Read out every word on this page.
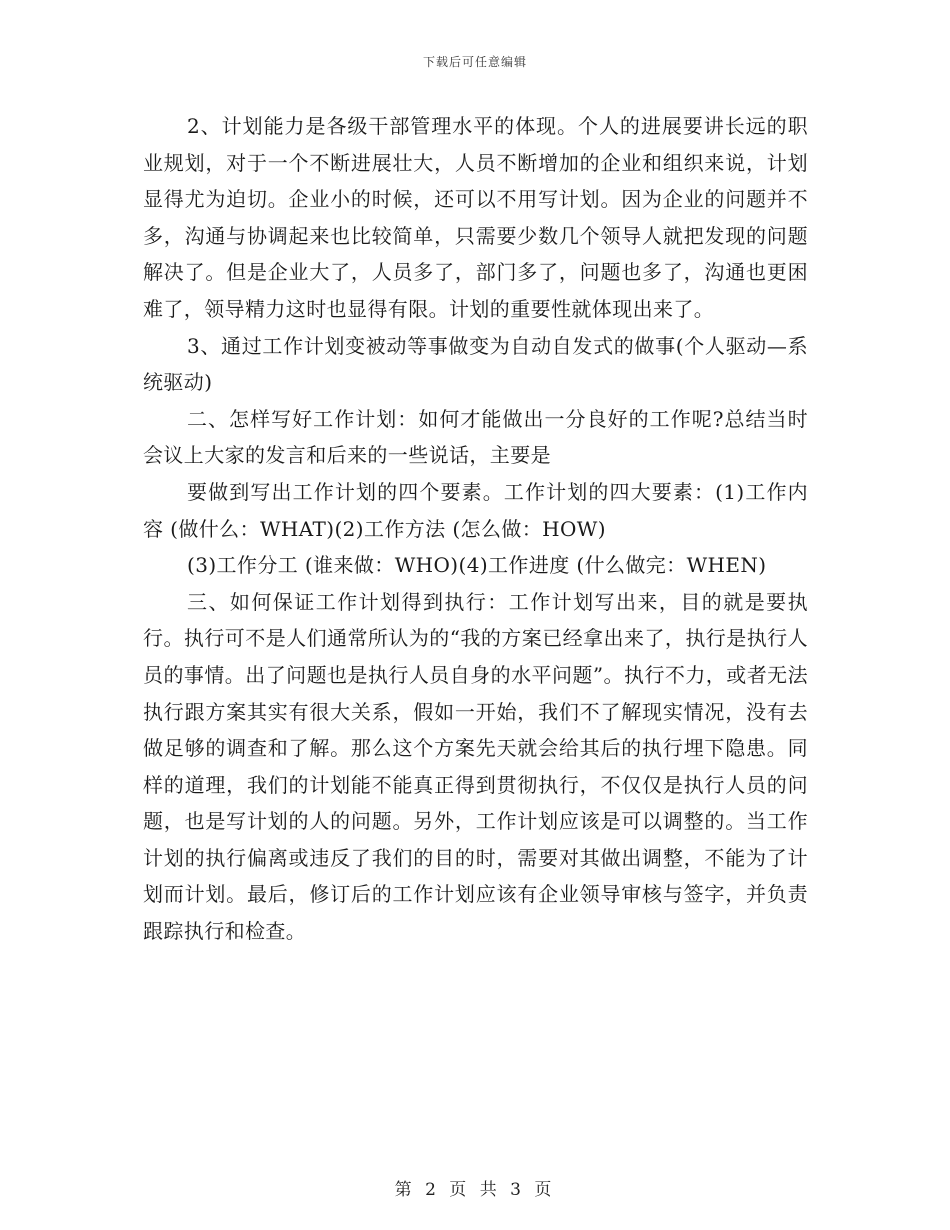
下载后可任意编辑

2、计划能力是各级干部管理水平的体现。个人的进展要讲长远的职业规划，对于一个不断进展壮大，人员不断增加的企业和组织来说，计划显得尤为迫切。企业小的时候，还可以不用写计划。因为企业的问题并不多，沟通与协调起来也比较简单，只需要少数几个领导人就把发现的问题解决了。但是企业大了，人员多了，部门多了，问题也多了，沟通也更困难了，领导精力这时也显得有限。计划的重要性就体现出来了。

3、通过工作计划变被动等事做变为自动自发式的做事(个人驱动—系统驱动)

二、怎样写好工作计划：如何才能做出一分良好的工作呢?总结当时会议上大家的发言和后来的一些说话，主要是

要做到写出工作计划的四个要素。工作计划的四大要素：(1)工作内容 (做什么：WHAT)(2)工作方法 (怎么做：HOW)

(3)工作分工 (谁来做：WHO)(4)工作进度 (什么做完：WHEN)

三、如何保证工作计划得到执行：工作计划写出来，目的就是要执行。执行可不是人们通常所认为的“我的方案已经拿出来了，执行是执行人员的事情。出了问题也是执行人员自身的水平问题”。执行不力，或者无法执行跟方案其实有很大关系，假如一开始，我们不了解现实情况，没有去做足够的调查和了解。那么这个方案先天就会给其后的执行埋下隐患。同样的道理，我们的计划能不能真正得到贯彻执行，不仅仅是执行人员的问题，也是写计划的人的问题。另外，工作计划应该是可以调整的。当工作计划的执行偏离或违反了我们的目的时，需要对其做出调整，不能为了计划而计划。最后，修订后的工作计划应该有企业领导审核与签字，并负责跟踪执行和检查。

第 2 页 共 3 页
